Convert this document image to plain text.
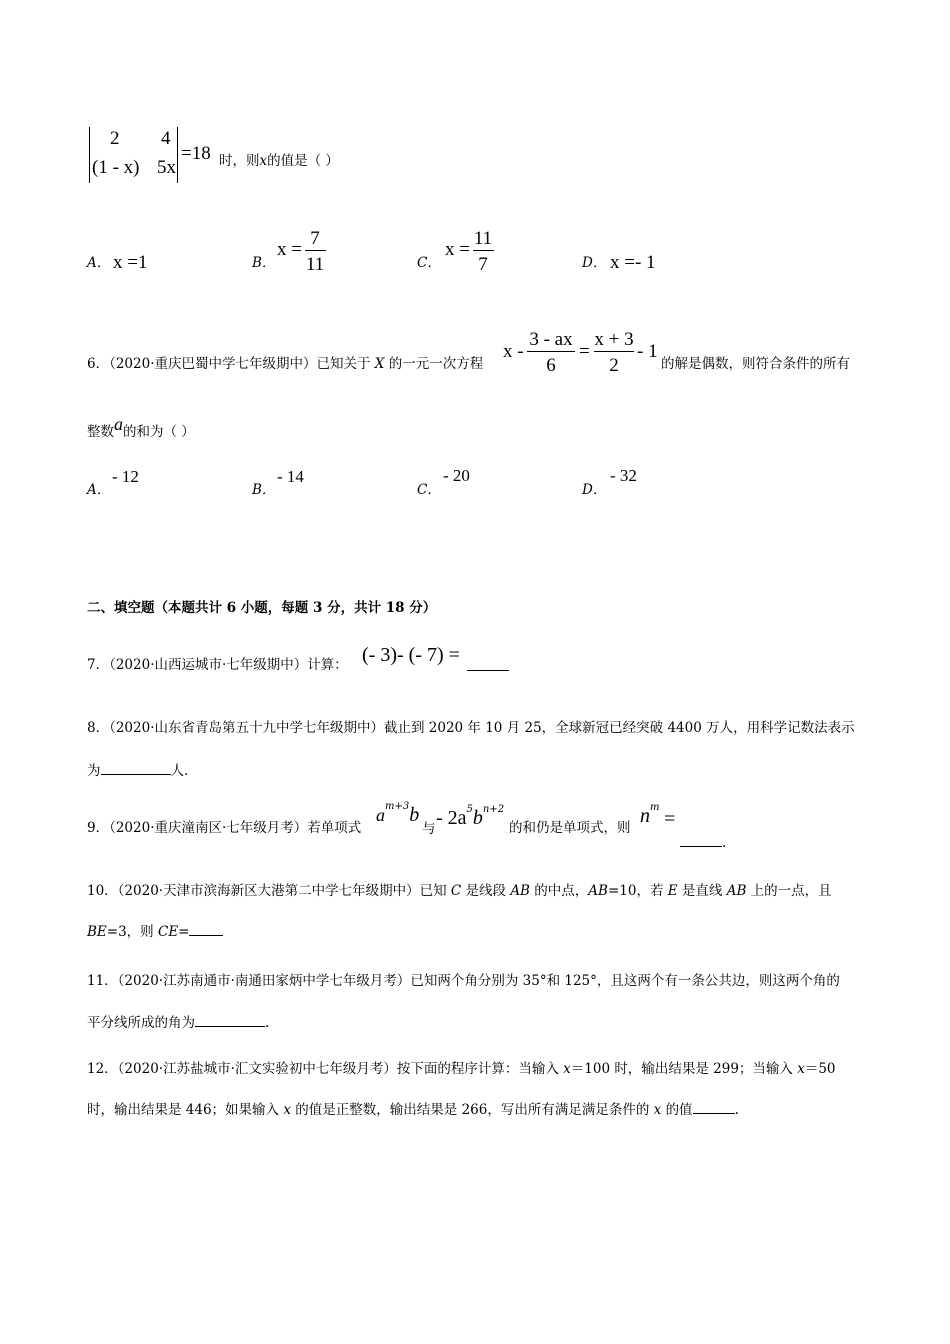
2 4
(1 - x) 5x
=18 时，则x的值是（ ）
A． x =1	B．
x =
7
11	C．
x =
11
7	D． x =- 1
6．（2020·重庆巴蜀中学七年级期中）已知关于 X 的一元一次方程
x -
3 - ax
6
=
x + 3
2
- 1
的解是偶数，则符合条件的所有
整数a的和为（ ）
A．
- 12
B．
- 14
C．
- 20
D．
- 32
二、填空题（本题共计 6 小题，每题 3 分，共计 18 分）
7．（2020·山西运城市·七年级期中）计算： (- 3)- (- 7) =
8．（2020·山东省青岛第五十九中学七年级期中）截止到 2020 年 10 月 25，全球新冠已经突破 4400 万人，用科学记数法表示
为	人.
9．（2020·重庆潼南区·七年级月考）若单项式
$a^{m+3}b$
与 - $2a^5b^{n+2}$
的和仍是单项式，则
$n^m$
=
.
10．（2020·天津市滨海新区大港第二中学七年级期中）已知 C 是线段 AB 的中点，AB=10，若 E 是直线 AB 上的一点，且
BE=3，则 CE=
11．（2020·江苏南通市·南通田家炳中学七年级月考）已知两个角分别为 35°和 125°，且这两个有一条公共边，则这两个角的
平分线所成的角为	.
12．（2020·江苏盐城市·汇文实验初中七年级月考）按下面的程序计算：当输入 x＝100 时，输出结果是 299；当输入 x＝50
时，输出结果是 446；如果输入 x 的值是正整数，输出结果是 266，写出所有满足满足条件的 x 的值	.
